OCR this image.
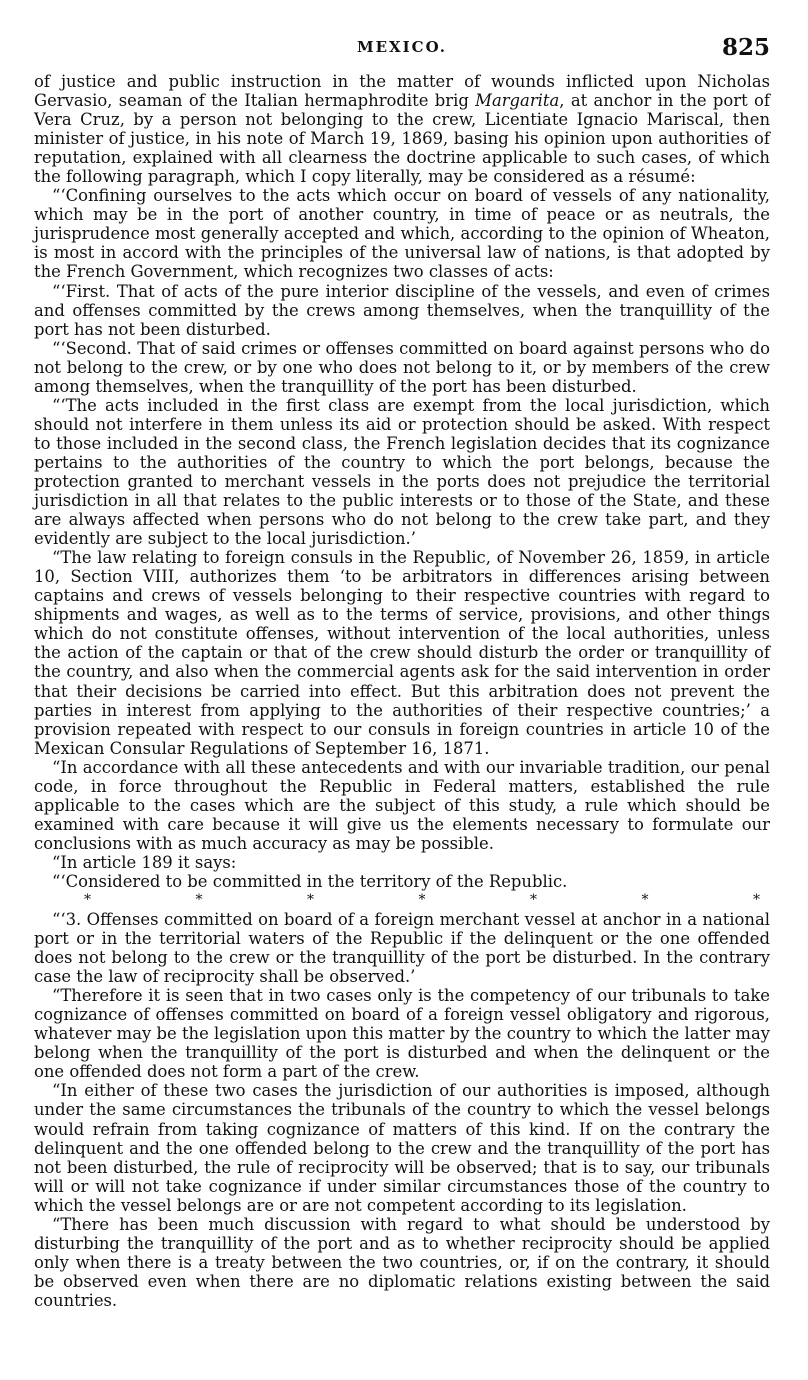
MEXICO.	825

of justice and public instruction in the matter of wounds inflicted upon Nicholas Gervasio, seaman of the Italian hermaphrodite brig Margarita, at anchor in the port of Vera Cruz, by a person not belonging to the crew, Licentiate Ignacio Mariscal, then minister of justice, in his note of March 19, 1869, basing his opinion upon authorities of reputation, explained with all clearness the doctrine applicable to such cases, of which the following paragraph, which I copy literally, may be considered as a résumé:

“‘Confining ourselves to the acts which occur on board of vessels of any nationality, which may be in the port of another country, in time of peace or as neutrals, the jurisprudence most generally accepted and which, according to the opinion of Wheaton, is most in accord with the principles of the universal law of nations, is that adopted by the French Government, which recognizes two classes of acts:

“‘First. That of acts of the pure interior discipline of the vessels, and even of crimes and offenses committed by the crews among themselves, when the tranquillity of the port has not been disturbed.

“‘Second. That of said crimes or offenses committed on board against persons who do not belong to the crew, or by one who does not belong to it, or by members of the crew among themselves, when the tranquillity of the port has been disturbed.

“‘The acts included in the first class are exempt from the local jurisdiction, which should not interfere in them unless its aid or protection should be asked. With respect to those included in the second class, the French legislation decides that its cognizance pertains to the authorities of the country to which the port belongs, because the protection granted to merchant vessels in the ports does not prejudice the territorial jurisdiction in all that relates to the public interests or to those of the State, and these are always affected when persons who do not belong to the crew take part, and they evidently are subject to the local jurisdiction.’

“The law relating to foreign consuls in the Republic, of November 26, 1859, in article 10, Section VIII, authorizes them ‘to be arbitrators in differences arising between captains and crews of vessels belonging to their respective countries with regard to shipments and wages, as well as to the terms of service, provisions, and other things which do not constitute offenses, without intervention of the local authorities, unless the action of the captain or that of the crew should disturb the order or tranquillity of the country, and also when the commercial agents ask for the said intervention in order that their decisions be carried into effect. But this arbitration does not prevent the parties in interest from applying to the authorities of their respective countries;’ a provision repeated with respect to our consuls in foreign countries in article 10 of the Mexican Consular Regulations of September 16, 1871.

“In accordance with all these antecedents and with our invariable tradition, our penal code, in force throughout the Republic in Federal matters, established the rule applicable to the cases which are the subject of this study, a rule which should be examined with care because it will give us the elements necessary to formulate our conclusions with as much accuracy as may be possible.

“In article 189 it says:

“‘Considered to be committed in the territory of the Republic.

*	*	*	*	*	*	*

“‘3. Offenses committed on board of a foreign merchant vessel at anchor in a national port or in the territorial waters of the Republic if the delinquent or the one offended does not belong to the crew or the tranquillity of the port be disturbed. In the contrary case the law of reciprocity shall be observed.’

“Therefore it is seen that in two cases only is the competency of our tribunals to take cognizance of offenses committed on board of a foreign vessel obligatory and rigorous, whatever may be the legislation upon this matter by the country to which the latter may belong when the tranquillity of the port is disturbed and when the delinquent or the one offended does not form a part of the crew.

“In either of these two cases the jurisdiction of our authorities is imposed, although under the same circumstances the tribunals of the country to which the vessel belongs would refrain from taking cognizance of matters of this kind. If on the contrary the delinquent and the one offended belong to the crew and the tranquillity of the port has not been disturbed, the rule of reciprocity will be observed; that is to say, our tribunals will or will not take cognizance if under similar circumstances those of the country to which the vessel belongs are or are not competent according to its legislation.

“There has been much discussion with regard to what should be understood by disturbing the tranquillity of the port and as to whether reciprocity should be applied only when there is a treaty between the two countries, or, if on the contrary, it should be observed even when there are no diplomatic relations existing between the said countries.
